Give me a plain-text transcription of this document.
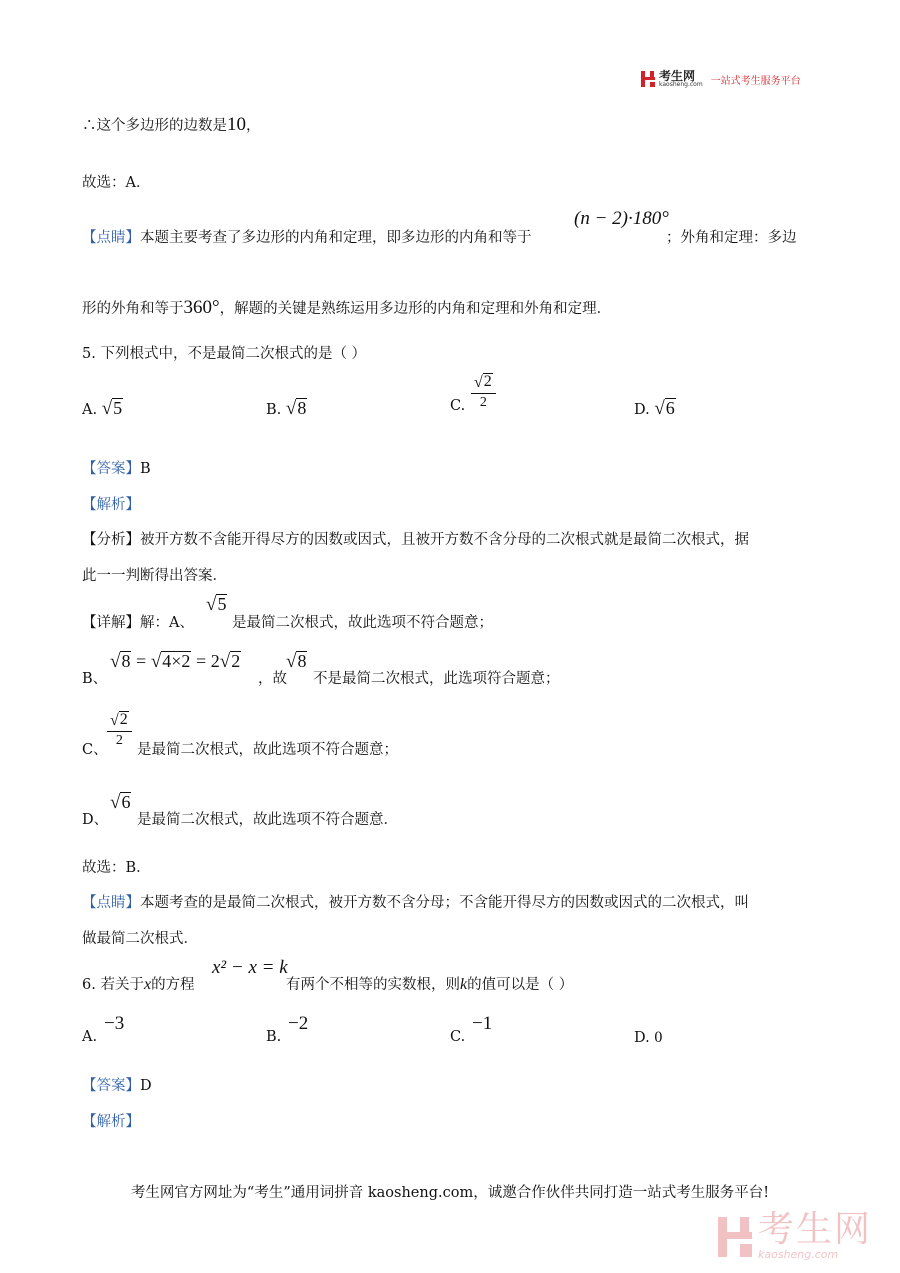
考生网
kaosheng.com 一站式考生服务平台
∴这个多边形的边数是10，
故选：A．
【点睛】本题主要考查了多边形的内角和定理，即多边形的内角和等于
(n − 2)·180°
；外角和定理：多边
形的外角和等于360°，解题的关键是熟练运用多边形的内角和定理和外角和定理．
5. 下列根式中，不是最简二次根式的是（ ）
A. √ 5	B. √ 8	C. $\frac{√ 2}{2}$	D. √ 6
【答案】B
【解析】
【分析】被开方数不含能开得尽方的因数或因式，且被开方数不含分母的二次根式就是最简二次根式，据
此一一判断得出答案．
【详解】解：A、
√ 5
是最简二次根式，故此选项不符合题意；
B、
√ 8 = √ 4×2 = 2 √ 2
，故
√ 8
不是最简二次根式，此选项符合题意；
C、
$\frac{√ 2}{2}$
是最简二次根式，故此选项不符合题意；
D、
√ 6
是最简二次根式，故此选项不符合题意．
故选：B．
【点睛】本题考查的是最简二次根式，被开方数不含分母；不含能开得尽方的因数或因式的二次根式，叫
做最简二次根式．
6. 若关于x的方程
x² − x = k
有两个不相等的实数根，则k的值可以是（ ）
A.
−3
B.
−2
C.
−1
D. 0
【答案】D
【解析】
考生网官方网址为“考生”通用词拼音 kaosheng.com，诚邀合作伙伴共同打造一站式考生服务平台!
考生网
kaosheng.com
